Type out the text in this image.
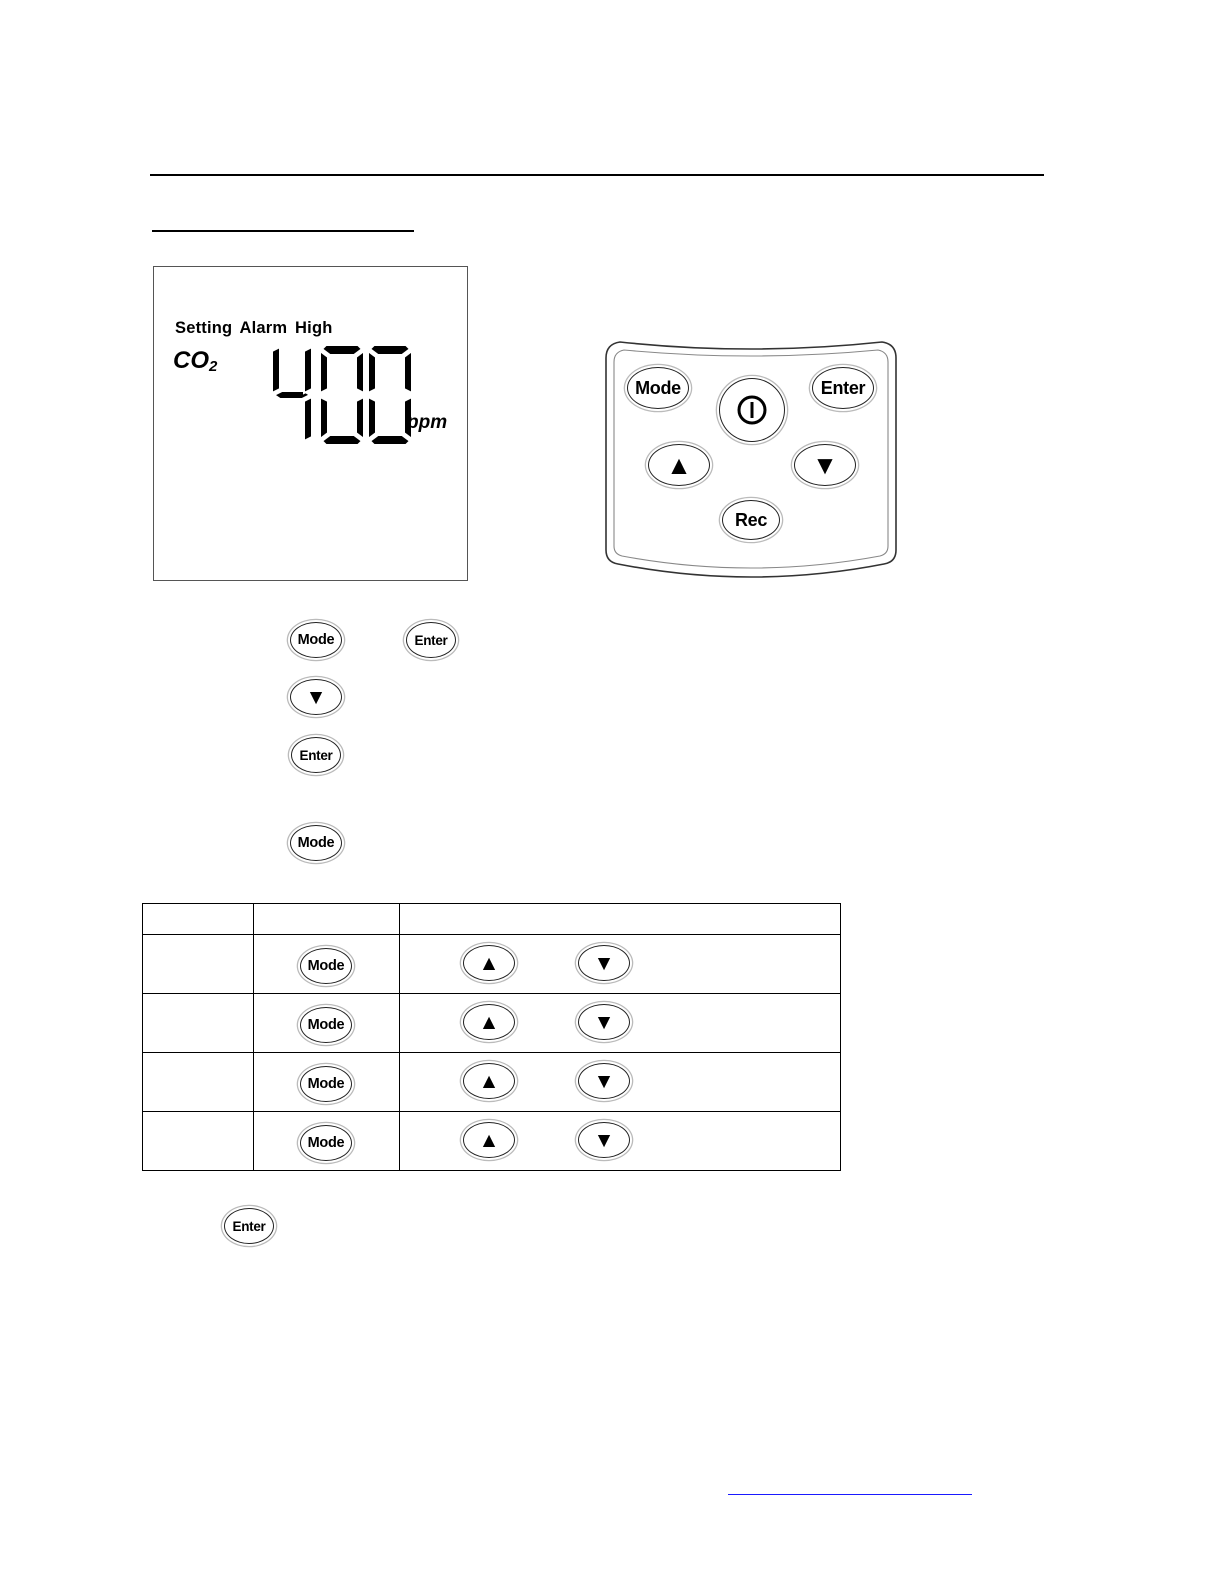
Setting Alarm High
$CO_2$
ppm
Mode	Enter
▲	▼
Rec
Mode	Enter
▼
Enter
Mode

	Mode	▲ ▼

	Mode	▲ ▼

	Mode	▲ ▼

	Mode	▲ ▼
Enter
